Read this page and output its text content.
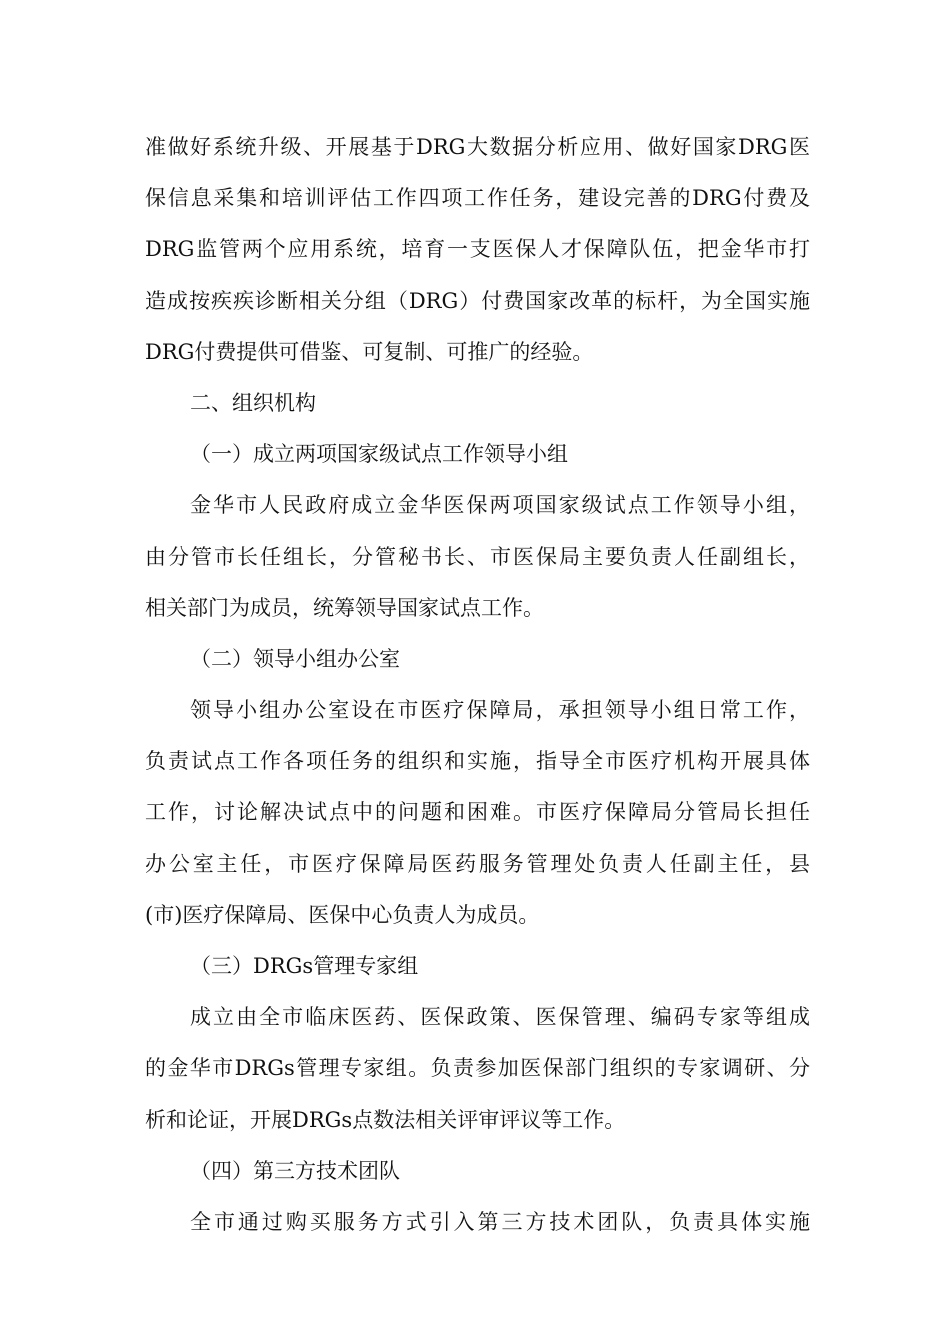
准做好系统升级、开展基于DRG大数据分析应用、做好国家DRG医
保信息采集和培训评估工作四项工作任务，建设完善的DRG付费及
DRG监管两个应用系统，培育一支医保人才保障队伍，把金华市打
造成按疾疾诊断相关分组（DRG）付费国家改革的标杆，为全国实施
DRG付费提供可借鉴、可复制、可推广的经验。
二、组织机构
（一）成立两项国家级试点工作领导小组
金华市人民政府成立金华医保两项国家级试点工作领导小组，
由分管市长任组长，分管秘书长、市医保局主要负责人任副组长，
相关部门为成员，统筹领导国家试点工作。
（二）领导小组办公室
领导小组办公室设在市医疗保障局，承担领导小组日常工作，
负责试点工作各项任务的组织和实施，指导全市医疗机构开展具体
工作，讨论解决试点中的问题和困难。市医疗保障局分管局长担任
办公室主任，市医疗保障局医药服务管理处负责人任副主任，县
(市)医疗保障局、医保中心负责人为成员。
（三）DRGs管理专家组
成立由全市临床医药、医保政策、医保管理、编码专家等组成
的金华市DRGs管理专家组。负责参加医保部门组织的专家调研、分
析和论证，开展DRGs点数法相关评审评议等工作。
（四）第三方技术团队
全市通过购买服务方式引入第三方技术团队，负责具体实施
